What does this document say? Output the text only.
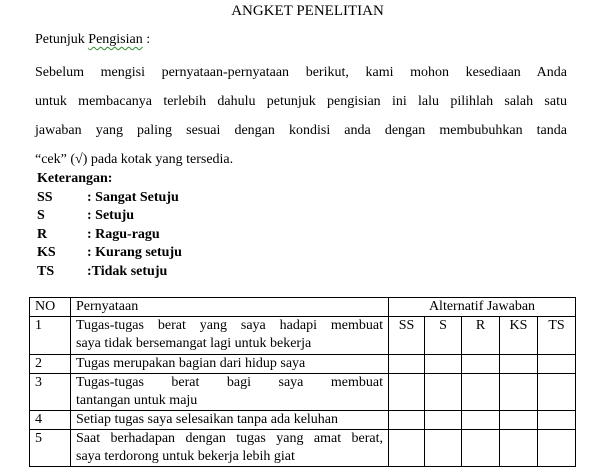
ANGKET PENELITIAN
Petunjuk Pengisian :
Sebelum mengisi pernyataan-pernyataan berikut, kami mohon kesediaan Anda
untuk membacanya terlebih dahulu petunjuk pengisian ini lalu pilihlah salah satu
jawaban yang paling sesuai dengan kondisi anda dengan membubuhkan tanda
“cek” (√) pada kotak yang tersedia.
Keterangan:
SS	: Sangat Setuju
S	: Setuju
R	: Ragu-ragu
KS	: Kurang setuju
TS	:Tidak setuju
NO	Pernyataan	Alternatif Jawaban				
1	Tugas-tugas berat yang saya hadapi membuat
saya tidak bersemangat lagi untuk bekerja	SS	S	R	KS	TS
2	Tugas merupakan bagian dari hidup saya					

3	Tugas-tugas berat bagi saya membuat
tantangan untuk maju					

4	Setiap tugas saya selesaikan tanpa ada keluhan					

5	Saat berhadapan dengan tugas yang amat berat,
saya terdorong untuk bekerja lebih giat					
